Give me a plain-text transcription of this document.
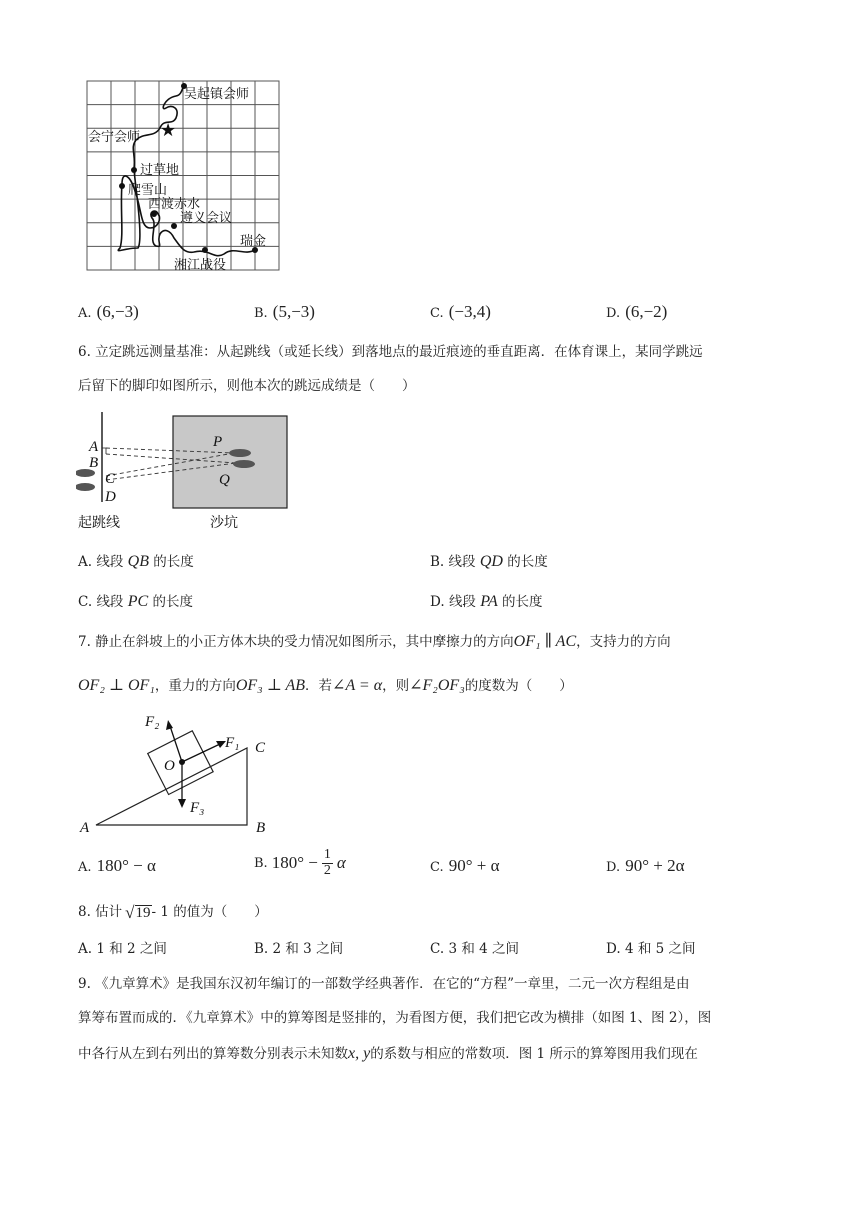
★
吴起镇会师
会宁会师
过草地
爬雪山
西渡赤水
遵义会议
瑞金
湘江战役
A. (6,−3)	B. (5,−3)	C. (−3,4)	D. (6,−2)
6. 立定跳远测量基准：从起跳线（或延长线）到落地点的最近痕迹的垂直距离．在体育课上，某同学跳远
后留下的脚印如图所示，则他本次的跳远成绩是（　　）
A
B
C
D
P
Q
起跳线	沙坑
A. 线段 QB 的长度	B. 线段 QD 的长度
C. 线段 PC 的长度	D. 线段 PA 的长度
7. 静止在斜坡上的小正方体木块的受力情况如图所示，其中摩擦力的方向OF₁ ∥ AC，支持力的方向
OF₂ ⊥ OF₁，重力的方向OF₃ ⊥ AB．若∠A = α，则∠F₂OF₃的度数为（　　）
F₂
F₁ C
O
F₃
A	B
A. 180° − α	B. $180^\circ - \frac{1}{2}$ α	C. 90° + α	D. 90° + 2α
8. 估计 √ 19 - 1 的值为（　　）
A. 1 和 2 之间	B. 2 和 3 之间	C. 3 和 4 之间	D. 4 和 5 之间
9. 《九章算术》是我国东汉初年编订的一部数学经典著作．在它的“方程”一章里，二元一次方程组是由
算筹布置而成的．《九章算术》中的算筹图是竖排的，为看图方便，我们把它改为横排（如图 1、图 2），图
中各行从左到右列出的算筹数分别表示未知数x, y的系数与相应的常数项．图 1 所示的算筹图用我们现在
